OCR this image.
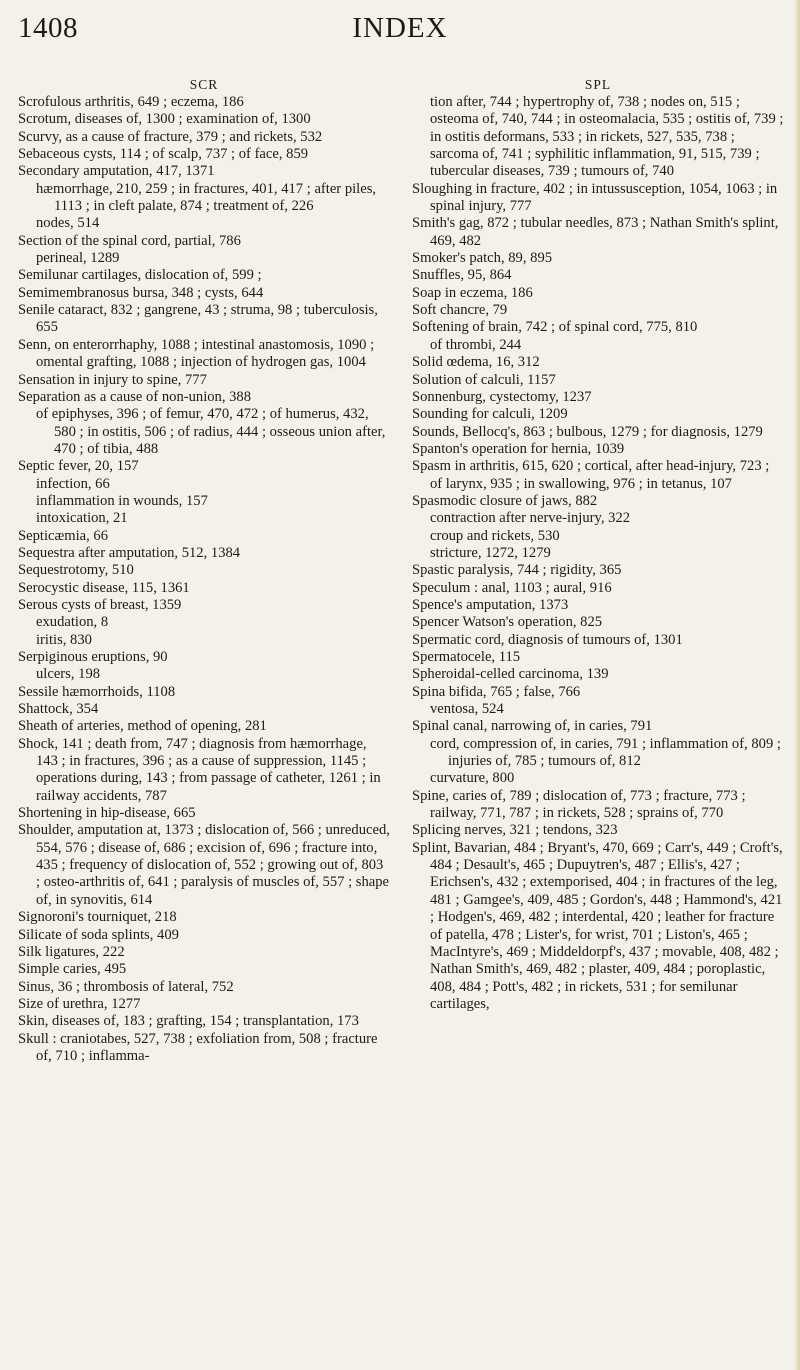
1408	INDEX
SCR
Scrofulous arthritis, 649 ; eczema, 186
Scrotum, diseases of, 1300 ; examination of, 1300
Scurvy, as a cause of fracture, 379 ; and rickets, 532
Sebaceous cysts, 114 ; of scalp, 737 ; of face, 859
Secondary amputation, 417, 1371
hæmorrhage, 210, 259 ; in fractures, 401, 417 ; after piles, 1113 ; in cleft palate, 874 ; treatment of, 226
nodes, 514
Section of the spinal cord, partial, 786
perineal, 1289
Semilunar cartilages, dislocation of, 599 ;
Semimembranosus bursa, 348 ; cysts, 644
Senile cataract, 832 ; gangrene, 43 ; struma, 98 ; tuberculosis, 655
Senn, on enterorrhaphy, 1088 ; intestinal anastomosis, 1090 ; omental grafting, 1088 ; injection of hydrogen gas, 1004
Sensation in injury to spine, 777
Separation as a cause of non-union, 388
of epiphyses, 396 ; of femur, 470, 472 ; of humerus, 432, 580 ; in ostitis, 506 ; of radius, 444 ; osseous union after, 470 ; of tibia, 488
Septic fever, 20, 157
infection, 66
inflammation in wounds, 157
intoxication, 21
Septicæmia, 66
Sequestra after amputation, 512, 1384
Sequestrotomy, 510
Serocystic disease, 115, 1361
Serous cysts of breast, 1359
exudation, 8
iritis, 830
Serpiginous eruptions, 90
ulcers, 198
Sessile hæmorrhoids, 1108
Shattock, 354
Sheath of arteries, method of opening, 281
Shock, 141 ; death from, 747 ; diagnosis from hæmorrhage, 143 ; in fractures, 396 ; as a cause of suppression, 1145 ; operations during, 143 ; from passage of catheter, 1261 ; in railway accidents, 787
Shortening in hip-disease, 665
Shoulder, amputation at, 1373 ; dislocation of, 566 ; unreduced, 554, 576 ; disease of, 686 ; excision of, 696 ; fracture into, 435 ; frequency of dislocation of, 552 ; growing out of, 803 ; osteo-arthritis of, 641 ; paralysis of muscles of, 557 ; shape of, in synovitis, 614
Signoroni's tourniquet, 218
Silicate of soda splints, 409
Silk ligatures, 222
Simple caries, 495
Sinus, 36 ; thrombosis of lateral, 752
Size of urethra, 1277
Skin, diseases of, 183 ; grafting, 154 ; transplantation, 173
Skull : craniotabes, 527, 738 ; exfoliation from, 508 ; fracture of, 710 ; inflamma-
SPL
tion after, 744 ; hypertrophy of, 738 ; nodes on, 515 ; osteoma of, 740, 744 ; in osteomalacia, 535 ; ostitis of, 739 ; in ostitis deformans, 533 ; in rickets, 527, 535, 738 ; sarcoma of, 741 ; syphilitic inflammation, 91, 515, 739 ; tubercular diseases, 739 ; tumours of, 740
Sloughing in fracture, 402 ; in intussusception, 1054, 1063 ; in spinal injury, 777
Smith's gag, 872 ; tubular needles, 873 ; Nathan Smith's splint, 469, 482
Smoker's patch, 89, 895
Snuffles, 95, 864
Soap in eczema, 186
Soft chancre, 79
Softening of brain, 742 ; of spinal cord, 775, 810
of thrombi, 244
Solid œdema, 16, 312
Solution of calculi, 1157
Sonnenburg, cystectomy, 1237
Sounding for calculi, 1209
Sounds, Bellocq's, 863 ; bulbous, 1279 ; for diagnosis, 1279
Spanton's operation for hernia, 1039
Spasm in arthritis, 615, 620 ; cortical, after head-injury, 723 ; of larynx, 935 ; in swallowing, 976 ; in tetanus, 107
Spasmodic closure of jaws, 882
contraction after nerve-injury, 322
croup and rickets, 530
stricture, 1272, 1279
Spastic paralysis, 744 ; rigidity, 365
Speculum : anal, 1103 ; aural, 916
Spence's amputation, 1373
Spencer Watson's operation, 825
Spermatic cord, diagnosis of tumours of, 1301
Spermatocele, 115
Spheroidal-celled carcinoma, 139
Spina bifida, 765 ; false, 766
ventosa, 524
Spinal canal, narrowing of, in caries, 791
cord, compression of, in caries, 791 ; inflammation of, 809 ; injuries of, 785 ; tumours of, 812
curvature, 800
Spine, caries of, 789 ; dislocation of, 773 ; fracture, 773 ; railway, 771, 787 ; in rickets, 528 ; sprains of, 770
Splicing nerves, 321 ; tendons, 323
Splint, Bavarian, 484 ; Bryant's, 470, 669 ; Carr's, 449 ; Croft's, 484 ; Desault's, 465 ; Dupuytren's, 487 ; Ellis's, 427 ; Erichsen's, 432 ; extemporised, 404 ; in fractures of the leg, 481 ; Gamgee's, 409, 485 ; Gordon's, 448 ; Hammond's, 421 ; Hodgen's, 469, 482 ; interdental, 420 ; leather for fracture of patella, 478 ; Lister's, for wrist, 701 ; Liston's, 465 ; MacIntyre's, 469 ; Middeldorpf's, 437 ; movable, 408, 482 ; Nathan Smith's, 469, 482 ; plaster, 409, 484 ; poroplastic, 408, 484 ; Pott's, 482 ; in rickets, 531 ; for semilunar cartilages,
